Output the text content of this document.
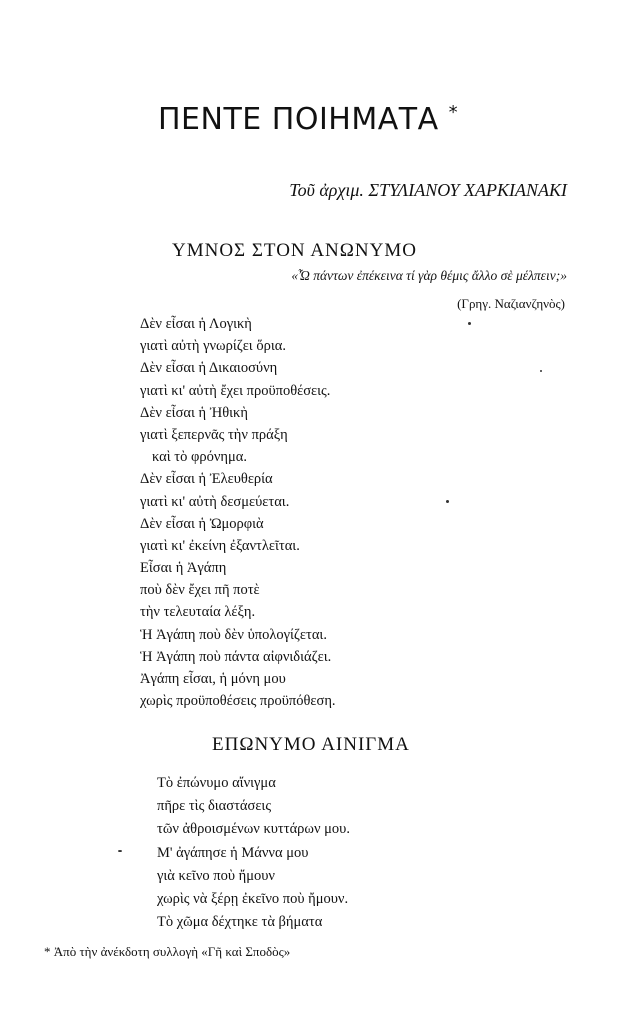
ΠΕΝΤΕ ΠΟΙΗΜΑΤΑ *
Τοῦ ἀρχιμ. ΣΤΥΛΙΑΝΟΥ ΧΑΡΚΙΑΝΑΚΙ
ΥΜΝΟΣ ΣΤΟΝ ΑΝΩΝΥΜΟ
«Ὦ πάντων ἐπέκεινα τί γὰρ θέμις ἄλλο σὲ μέλπειν;»
(Γρηγ. Ναζιανζηνὸς)
Δὲν εἶσαι ἡ Λογικὴ
γιατὶ αὐτὴ γνωρίζει ὅρια.
Δὲν εἶσαι ἡ Δικαιοσύνη
γιατὶ κι' αὐτὴ ἔχει προϋποθέσεις.
Δὲν εἶσαι ἡ Ἠθικὴ
γιατὶ ξεπερνᾶς τὴν πράξη
καὶ τὸ φρόνημα.
Δὲν εἶσαι ἡ Ἐλευθερία
γιατὶ κι' αὐτὴ δεσμεύεται.
Δὲν εἶσαι ἡ Ὠμορφιὰ
γιατὶ κι' ἐκείνη ἐξαντλεῖται.
Εἶσαι ἡ Ἀγάπη
ποὺ δὲν ἔχει πῆ ποτὲ
τὴν τελευταία λέξη.
Ἡ Ἀγάπη ποὺ δὲν ὑπολογίζεται.
Ἡ Ἀγάπη ποὺ πάντα αἰφνιδιάζει.
Ἀγάπη εἶσαι, ἡ μόνη μου
χωρὶς προϋποθέσεις προϋπόθεση.
ΕΠΩΝΥΜΟ ΑΙΝΙΓΜΑ
Τὸ ἐπώνυμο αἴνιγμα
πῆρε τὶς διαστάσεις
τῶν ἀθροισμένων κυττάρων μου.
Μ' ἀγάπησε ἡ Μάννα μου
γιὰ κεῖνο ποὺ ἤμουν
χωρὶς νὰ ξέρῃ ἐκεῖνο ποὺ ἤμουν.
Τὸ χῶμα δέχτηκε τὰ βήματα
* Ἀπὸ τὴν ἀνέκδοτη συλλογὴ «Γῆ καὶ Σποδὸς»
